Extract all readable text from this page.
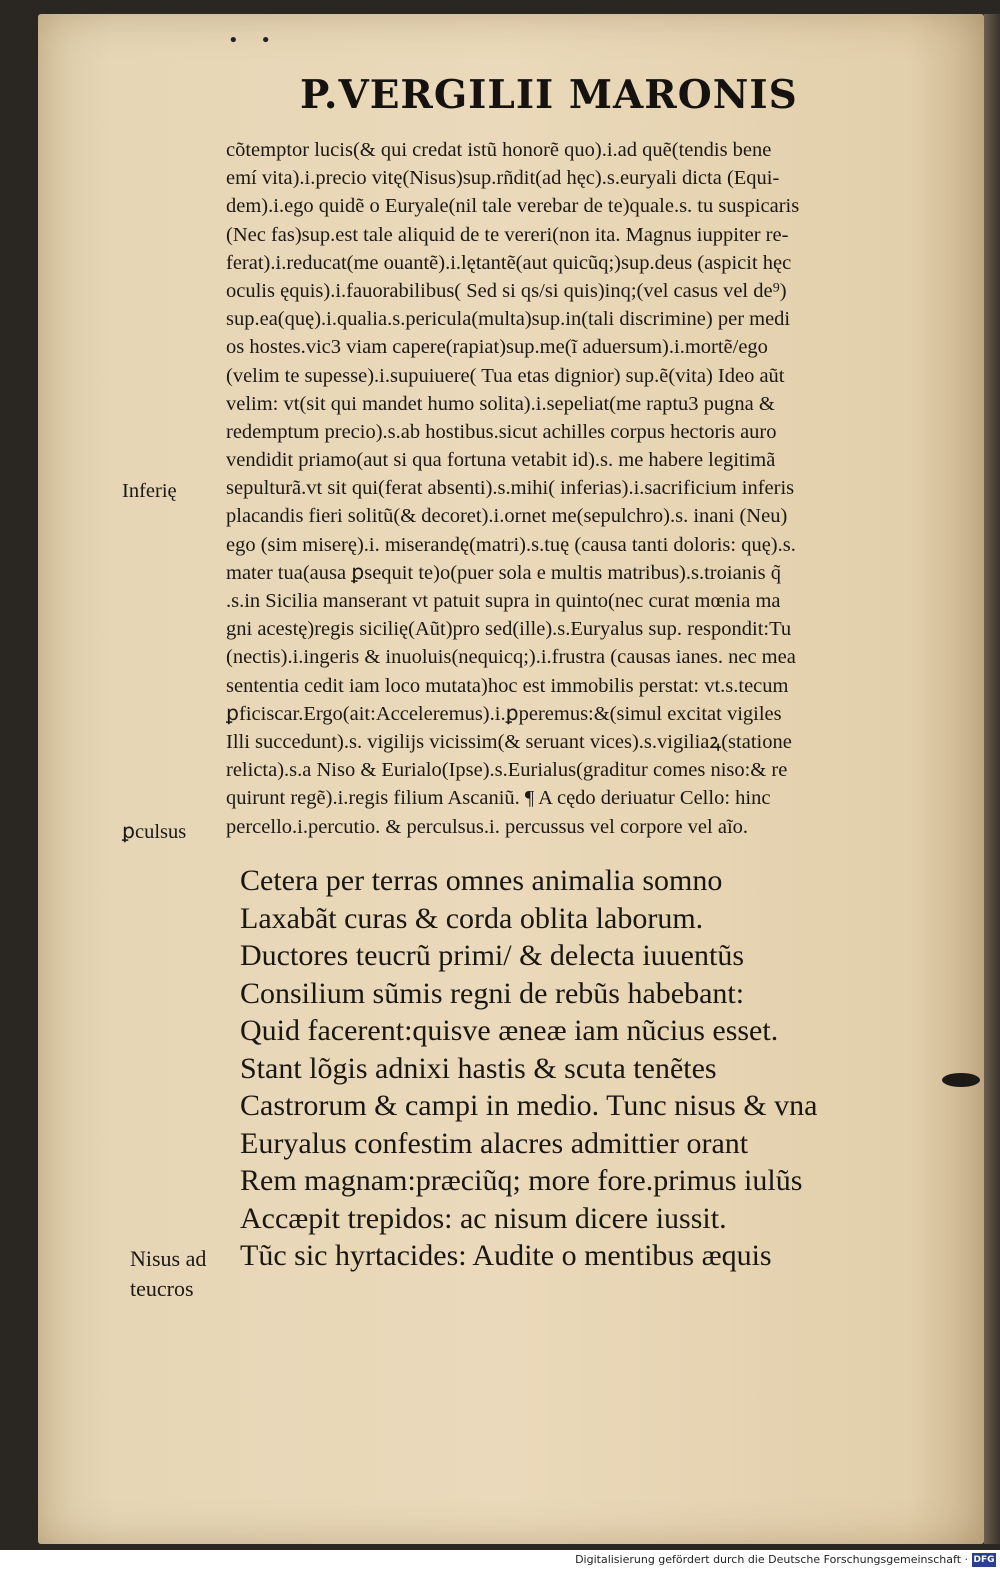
• •
P.VERGILII MARONIS
cõtemptor lucis(& qui credat istũ honorẽ quo).i.ad quẽ(tendis bene
emí vita).i.precio vitę(Nisus)sup.rñdit(ad hęc).s.euryali dicta (Equi-
dem).i.ego quidẽ o Euryale(nil tale verebar de te)quale.s. tu suspicaris
(Nec fas)sup.est tale aliquid de te vereri(non ita. Magnus iuppiter re-
ferat).i.reducat(me ouantẽ).i.lętantẽ(aut quicũq;)sup.deus (aspicit hęc
oculis ęquis).i.fauorabilibus( Sed si qs/si quis)inq;(vel casus vel de⁹)
sup.ea(quę).i.qualia.s.pericula(multa)sup.in(tali discrimine) per medi
os hostes.vic3 viam capere(rapiat)sup.me(ĩ aduersum).i.mortẽ/ego
(velim te supesse).i.supuiuere( Tua etas dignior) sup.ẽ(vita) Ideo aũt
velim: vt(sit qui mandet humo solita).i.sepeliat(me raptu3 pugna &
redemptum precio).s.ab hostibus.sicut achilles corpus hectoris auro
vendidit priamo(aut si qua fortuna vetabit id).s. me habere legitimã
sepulturã.vt sit qui(ferat absenti).s.mihi( inferias).i.sacrificium inferis
placandis fieri solitũ(& decoret).i.ornet me(sepulchro).s. inani (Neu)
ego (sim miserę).i. miserandę(matri).s.tuę (causa tanti doloris: quę).s.
mater tua(ausa ꝑsequit te)o(puer sola e multis matribus).s.troianis q̃
.s.in Sicilia manserant vt patuit supra in quinto(nec curat mœnia ma
gni acestę)regis sicilię(Aũt)pro sed(ille).s.Euryalus sup. respondit:Tu
(nectis).i.ingeris & inuoluis(nequicq;).i.frustra (causas ianes. nec mea
sententia cedit iam loco mutata)hoc est immobilis perstat: vt.s.tecum
ꝑficiscar.Ergo(ait:Acceleremus).i.ꝑperemus:&(simul excitat vigiles
Illi succedunt).s. vigilijs vicissim(& seruant vices).s.vigiliaꝝ(statione
relicta).s.a Niso & Eurialo(Ipse).s.Eurialus(graditur comes niso:& re
quirunt regẽ).i.regis filium Ascaniũ. ¶ A cędo deriuatur Cello: hinc
percello.i.percutio. & perculsus.i. percussus vel corpore vel aĩo.
Inferię
ꝑculsus
Nisus ad
teucros
Cetera per terras omnes animalia somno
Laxabãt curas & corda oblita laborum.
Ductores teucrũ primi/ & delecta iuuentũs
Consilium sũmis regni de rebũs habebant:
Quid facerent:quisve æneæ iam nũcius esset.
Stant lõgis adnixi hastis & scuta tenẽtes
Castrorum & campi in medio. Tunc nisus & vna
Euryalus confestim alacres admittier orant
Rem magnam:præciũq; more fore.primus iulũs
Accæpit trepidos: ac nisum dicere iussit.
Tũc sic hyrtacides: Audite o mentibus æquis
Digitalisierung gefördert durch die Deutsche Forschungsgemeinschaft · DFG
